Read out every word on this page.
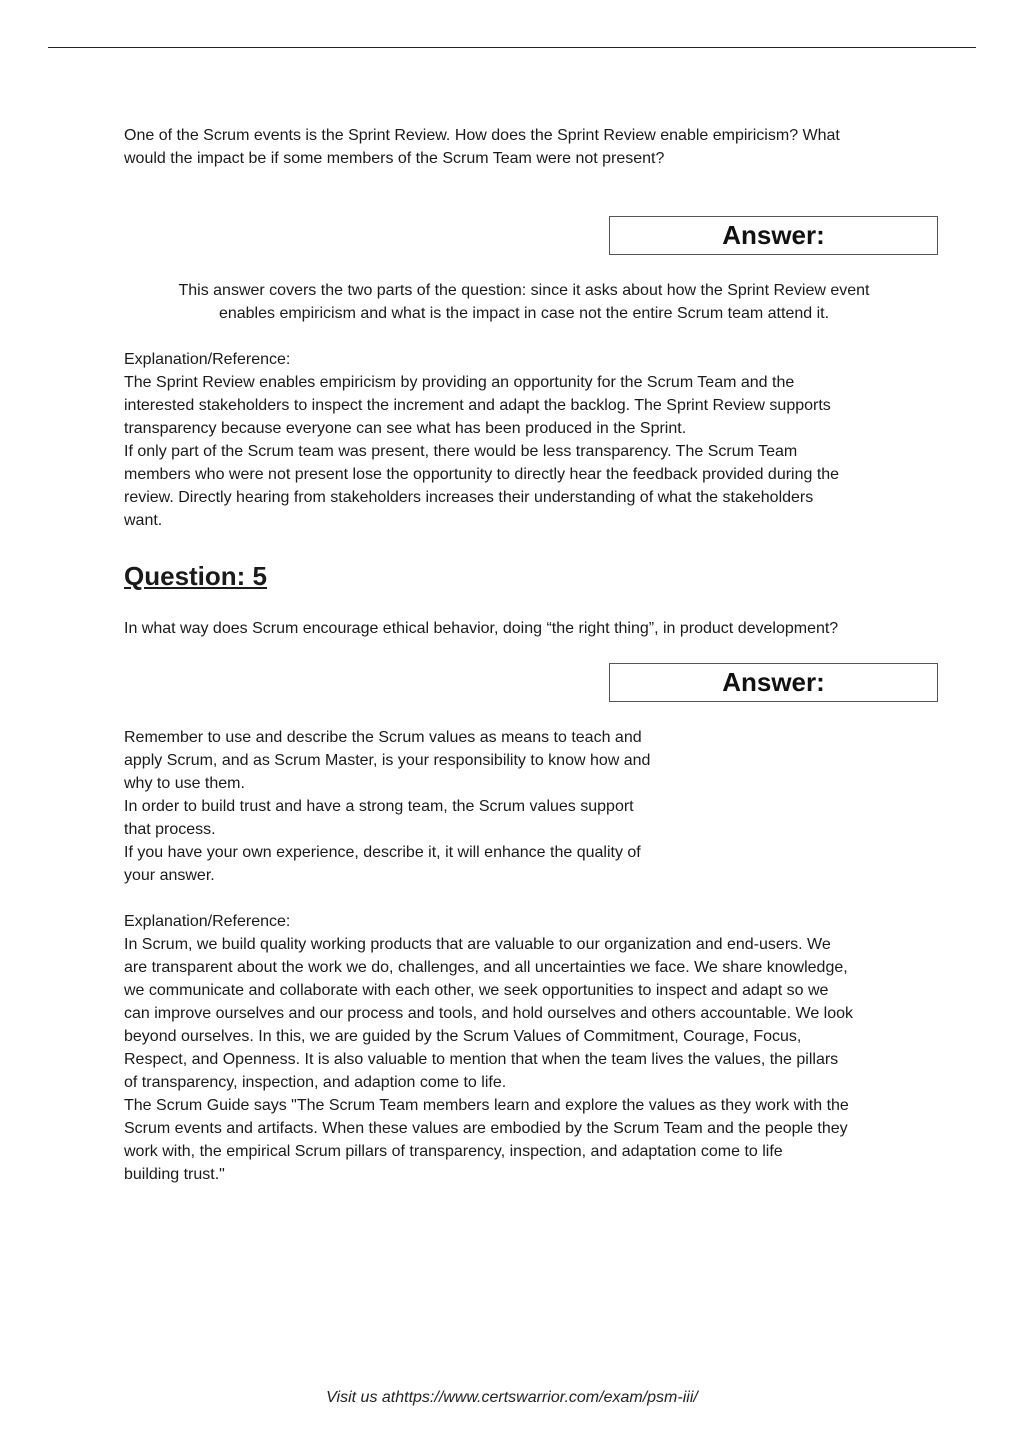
One of the Scrum events is the Sprint Review. How does the Sprint Review enable empiricism? What

would the impact be if some members of the Scrum Team were not present?

Answer:

This answer covers the two parts of the question: since it asks about how the Sprint Review event

enables empiricism and what is the impact in case not the entire Scrum team attend it.

Explanation/Reference:

The Sprint Review enables empiricism by providing an opportunity for the Scrum Team and the

interested stakeholders to inspect the increment and adapt the backlog. The Sprint Review supports

transparency because everyone can see what has been produced in the Sprint.

If only part of the Scrum team was present, there would be less transparency. The Scrum Team

members who were not present lose the opportunity to directly hear the feedback provided during the

review. Directly hearing from stakeholders increases their understanding of what the stakeholders

want.

Question: 5
In what way does Scrum encourage ethical behavior, doing “the right thing”, in product development?
Answer:

Remember to use and describe the Scrum values as means to teach and

apply Scrum, and as Scrum Master, is your responsibility to know how and

why to use them.

In order to build trust and have a strong team, the Scrum values support

that process.

If you have your own experience, describe it, it will enhance the quality of

your answer.

Explanation/Reference:

In Scrum, we build quality working products that are valuable to our organization and end-users. We

are transparent about the work we do, challenges, and all uncertainties we face. We share knowledge,

we communicate and collaborate with each other, we seek opportunities to inspect and adapt so we

can improve ourselves and our process and tools, and hold ourselves and others accountable. We look

beyond ourselves. In this, we are guided by the Scrum Values of Commitment, Courage, Focus,

Respect, and Openness. It is also valuable to mention that when the team lives the values, the pillars

of transparency, inspection, and adaption come to life.

The Scrum Guide says "The Scrum Team members learn and explore the values as they work with the

Scrum events and artifacts. When these values are embodied by the Scrum Team and the people they

work with, the empirical Scrum pillars of transparency, inspection, and adaptation come to life

building trust."

Visit us athttps://www.certswarrior.com/exam/psm-iii/
